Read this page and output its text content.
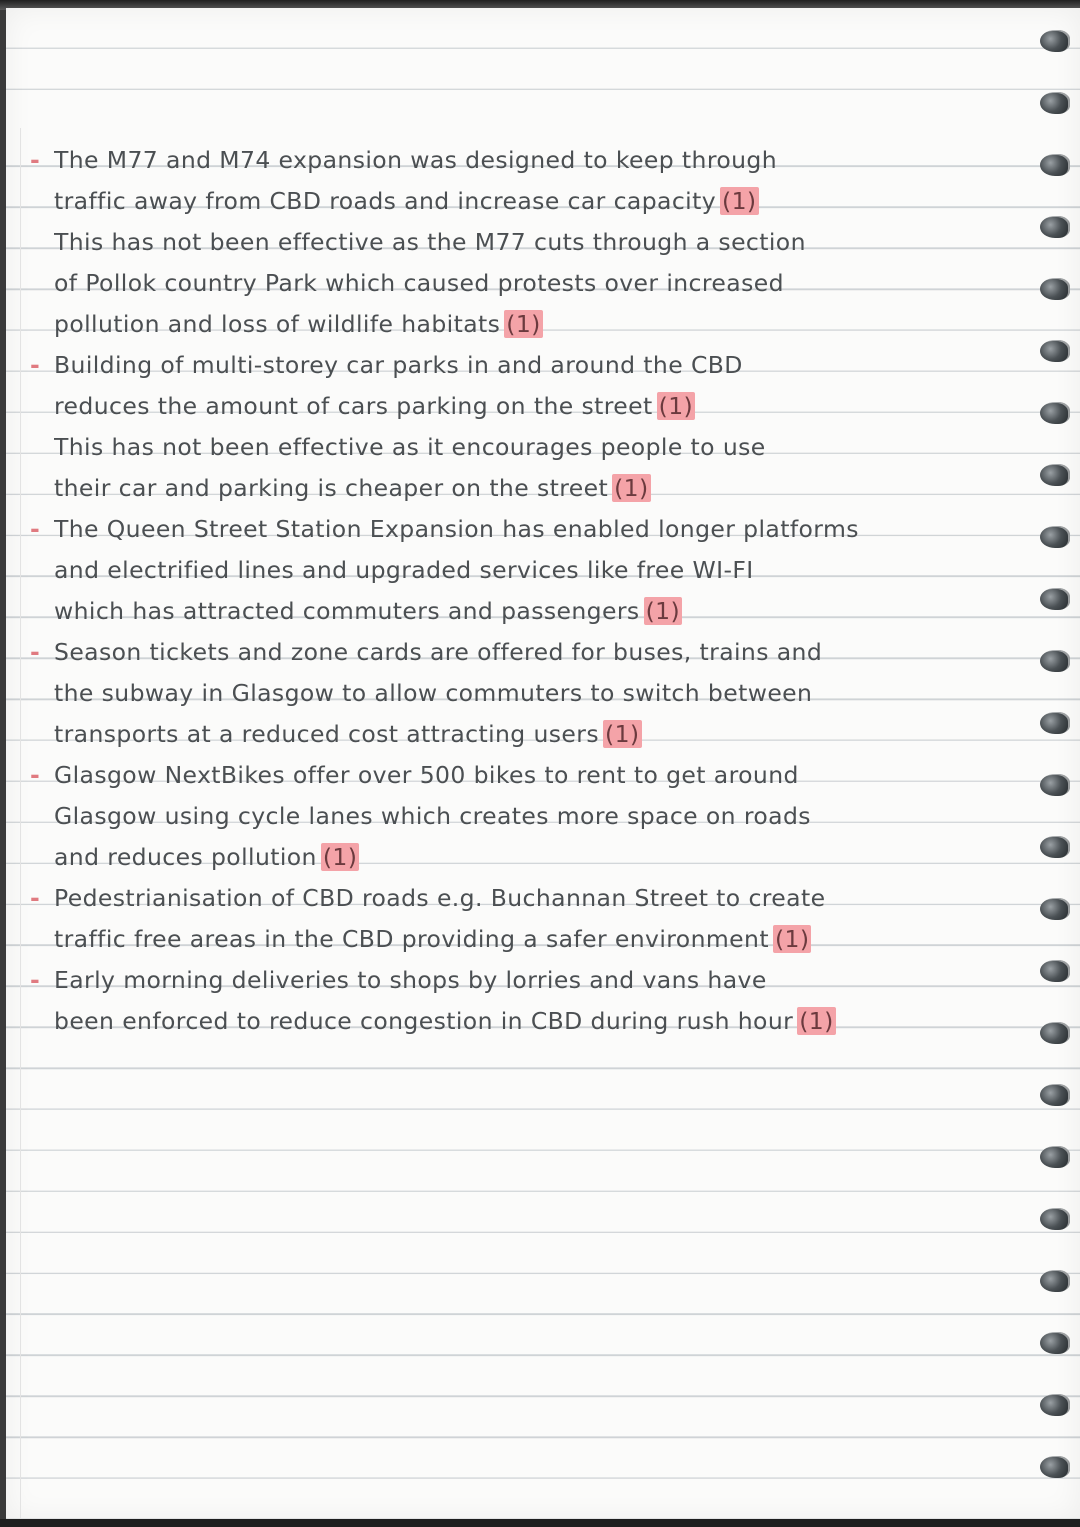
- The M77 and M74 expansion was designed to keep through
traffic away from CBD roads and increase car capacity (1)
This has not been effective as the M77 cuts through a section
of Pollok country Park which caused protests over increased
pollution and loss of wildlife habitats (1)
- Building of multi-storey car parks in and around the CBD
reduces the amount of cars parking on the street (1)
This has not been effective as it encourages people to use
their car and parking is cheaper on the street (1)
- The Queen Street Station Expansion has enabled longer platforms
and electrified lines and upgraded services like free WI-FI
which has attracted commuters and passengers (1)
- Season tickets and zone cards are offered for buses, trains and
the subway in Glasgow to allow commuters to switch between
transports at a reduced cost attracting users (1)
- Glasgow NextBikes offer over 500 bikes to rent to get around
Glasgow using cycle lanes which creates more space on roads
and reduces pollution (1)
- Pedestrianisation of CBD roads e.g. Buchannan Street to create
traffic free areas in the CBD providing a safer environment (1)
- Early morning deliveries to shops by lorries and vans have
been enforced to reduce congestion in CBD during rush hour (1)
